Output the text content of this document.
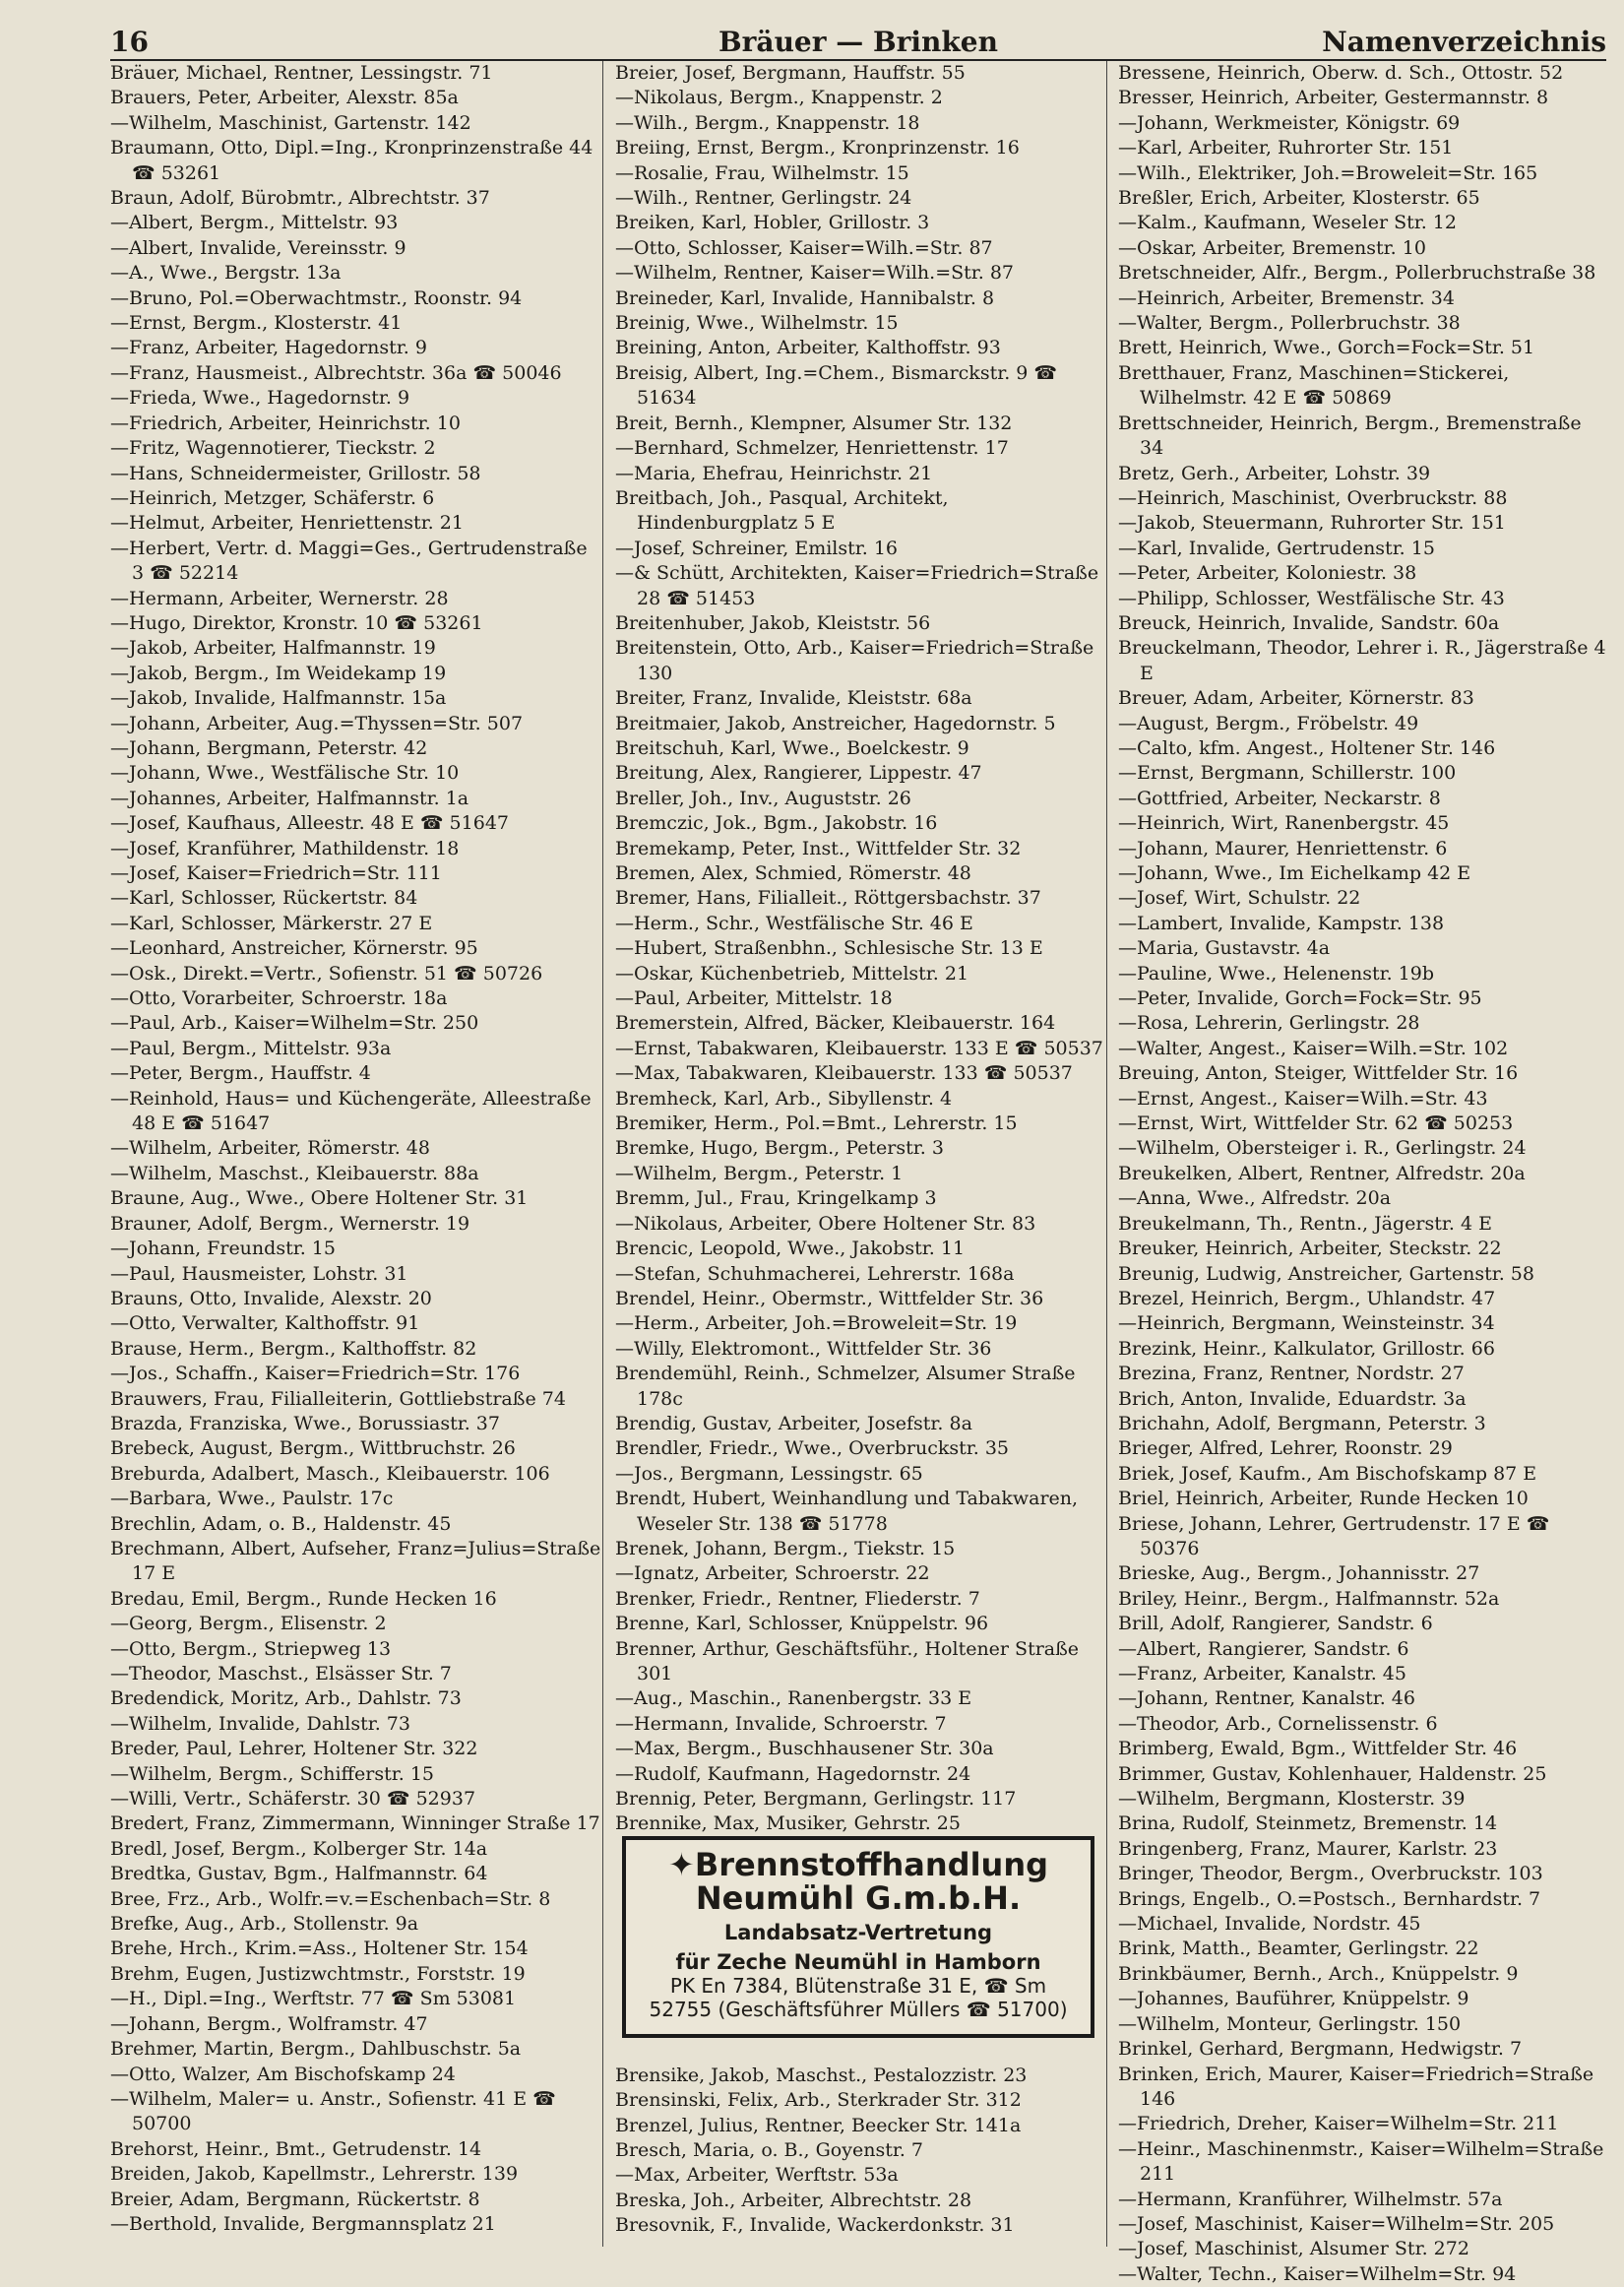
16	Bräuer — Brinken	Namenverzeichnis
Bräuer, Michael, Rentner, Lessingstr. 71
Brauers, Peter, Arbeiter, Alexstr. 85a
—Wilhelm, Maschinist, Gartenstr. 142
Braumann, Otto, Dipl.=Ing., Kronprinzenstraße 44 ☎ 53261
Braun, Adolf, Bürobmtr., Albrechtstr. 37
—Albert, Bergm., Mittelstr. 93
—Albert, Invalide, Vereinsstr. 9
—A., Wwe., Bergstr. 13a
—Bruno, Pol.=Oberwachtmstr., Roonstr. 94
—Ernst, Bergm., Klosterstr. 41
—Franz, Arbeiter, Hagedornstr. 9
—Franz, Hausmeist., Albrechtstr. 36a ☎ 50046
—Frieda, Wwe., Hagedornstr. 9
—Friedrich, Arbeiter, Heinrichstr. 10
—Fritz, Wagennotierer, Tieckstr. 2
—Hans, Schneidermeister, Grillostr. 58
—Heinrich, Metzger, Schäferstr. 6
—Helmut, Arbeiter, Henriettenstr. 21
—Herbert, Vertr. d. Maggi=Ges., Gertrudenstraße 3 ☎ 52214
—Hermann, Arbeiter, Wernerstr. 28
—Hugo, Direktor, Kronstr. 10 ☎ 53261
—Jakob, Arbeiter, Halfmannstr. 19
—Jakob, Bergm., Im Weidekamp 19
—Jakob, Invalide, Halfmannstr. 15a
—Johann, Arbeiter, Aug.=Thyssen=Str. 507
—Johann, Bergmann, Peterstr. 42
—Johann, Wwe., Westfälische Str. 10
—Johannes, Arbeiter, Halfmannstr. 1a
—Josef, Kaufhaus, Alleestr. 48 E ☎ 51647
—Josef, Kranführer, Mathildenstr. 18
—Josef, Kaiser=Friedrich=Str. 111
—Karl, Schlosser, Rückertstr. 84
—Karl, Schlosser, Märkerstr. 27 E
—Leonhard, Anstreicher, Körnerstr. 95
—Osk., Direkt.=Vertr., Sofienstr. 51 ☎ 50726
—Otto, Vorarbeiter, Schroerstr. 18a
—Paul, Arb., Kaiser=Wilhelm=Str. 250
—Paul, Bergm., Mittelstr. 93a
—Peter, Bergm., Hauffstr. 4
—Reinhold, Haus= und Küchengeräte, Alleestraße 48 E ☎ 51647
—Wilhelm, Arbeiter, Römerstr. 48
—Wilhelm, Maschst., Kleibauerstr. 88a
Braune, Aug., Wwe., Obere Holtener Str. 31
Brauner, Adolf, Bergm., Wernerstr. 19
—Johann, Freundstr. 15
—Paul, Hausmeister, Lohstr. 31
Brauns, Otto, Invalide, Alexstr. 20
—Otto, Verwalter, Kalthoffstr. 91
Brause, Herm., Bergm., Kalthoffstr. 82
—Jos., Schaffn., Kaiser=Friedrich=Str. 176
Brauwers, Frau, Filialleiterin, Gottliebstraße 74
Brazda, Franziska, Wwe., Borussiastr. 37
Brebeck, August, Bergm., Wittbruchstr. 26
Breburda, Adalbert, Masch., Kleibauerstr. 106
—Barbara, Wwe., Paulstr. 17c
Brechlin, Adam, o. B., Haldenstr. 45
Brechmann, Albert, Aufseher, Franz=Julius=Straße 17 E
Bredau, Emil, Bergm., Runde Hecken 16
—Georg, Bergm., Elisenstr. 2
—Otto, Bergm., Striepweg 13
—Theodor, Maschst., Elsässer Str. 7
Bredendick, Moritz, Arb., Dahlstr. 73
—Wilhelm, Invalide, Dahlstr. 73
Breder, Paul, Lehrer, Holtener Str. 322
—Wilhelm, Bergm., Schifferstr. 15
—Willi, Vertr., Schäferstr. 30 ☎ 52937
Bredert, Franz, Zimmermann, Winninger Straße 17
Bredl, Josef, Bergm., Kolberger Str. 14a
Bredtka, Gustav, Bgm., Halfmannstr. 64
Bree, Frz., Arb., Wolfr.=v.=Eschenbach=Str. 8
Brefke, Aug., Arb., Stollenstr. 9a
Brehe, Hrch., Krim.=Ass., Holtener Str. 154
Brehm, Eugen, Justizwchtmstr., Forststr. 19
—H., Dipl.=Ing., Werftstr. 77 ☎ Sm 53081
—Johann, Bergm., Wolframstr. 47
Brehmer, Martin, Bergm., Dahlbuschstr. 5a
—Otto, Walzer, Am Bischofskamp 24
—Wilhelm, Maler= u. Anstr., Sofienstr. 41 E ☎ 50700
Brehorst, Heinr., Bmt., Getrudenstr. 14
Breiden, Jakob, Kapellmstr., Lehrerstr. 139
Breier, Adam, Bergmann, Rückertstr. 8
—Berthold, Invalide, Bergmannsplatz 21
Breier, Josef, Bergmann, Hauffstr. 55
—Nikolaus, Bergm., Knappenstr. 2
—Wilh., Bergm., Knappenstr. 18
Breiing, Ernst, Bergm., Kronprinzenstr. 16
—Rosalie, Frau, Wilhelmstr. 15
—Wilh., Rentner, Gerlingstr. 24
Breiken, Karl, Hobler, Grillostr. 3
—Otto, Schlosser, Kaiser=Wilh.=Str. 87
—Wilhelm, Rentner, Kaiser=Wilh.=Str. 87
Breineder, Karl, Invalide, Hannibalstr. 8
Breinig, Wwe., Wilhelmstr. 15
Breining, Anton, Arbeiter, Kalthoffstr. 93
Breisig, Albert, Ing.=Chem., Bismarckstr. 9 ☎ 51634
Breit, Bernh., Klempner, Alsumer Str. 132
—Bernhard, Schmelzer, Henriettenstr. 17
—Maria, Ehefrau, Heinrichstr. 21
Breitbach, Joh., Pasqual, Architekt, Hindenburgplatz 5 E
—Josef, Schreiner, Emilstr. 16
—& Schütt, Architekten, Kaiser=Friedrich=Straße 28 ☎ 51453
Breitenhuber, Jakob, Kleiststr. 56
Breitenstein, Otto, Arb., Kaiser=Friedrich=Straße 130
Breiter, Franz, Invalide, Kleiststr. 68a
Breitmaier, Jakob, Anstreicher, Hagedornstr. 5
Breitschuh, Karl, Wwe., Boelckestr. 9
Breitung, Alex, Rangierer, Lippestr. 47
Breller, Joh., Inv., Auguststr. 26
Bremczic, Jok., Bgm., Jakobstr. 16
Bremekamp, Peter, Inst., Wittfelder Str. 32
Bremen, Alex, Schmied, Römerstr. 48
Bremer, Hans, Filialleit., Röttgersbachstr. 37
—Herm., Schr., Westfälische Str. 46 E
—Hubert, Straßenbhn., Schlesische Str. 13 E
—Oskar, Küchenbetrieb, Mittelstr. 21
—Paul, Arbeiter, Mittelstr. 18
Bremerstein, Alfred, Bäcker, Kleibauerstr. 164
—Ernst, Tabakwaren, Kleibauerstr. 133 E ☎ 50537
—Max, Tabakwaren, Kleibauerstr. 133 ☎ 50537
Bremheck, Karl, Arb., Sibyllenstr. 4
Bremiker, Herm., Pol.=Bmt., Lehrerstr. 15
Bremke, Hugo, Bergm., Peterstr. 3
—Wilhelm, Bergm., Peterstr. 1
Bremm, Jul., Frau, Kringelkamp 3
—Nikolaus, Arbeiter, Obere Holtener Str. 83
Brencic, Leopold, Wwe., Jakobstr. 11
—Stefan, Schuhmacherei, Lehrerstr. 168a
Brendel, Heinr., Obermstr., Wittfelder Str. 36
—Herm., Arbeiter, Joh.=Broweleit=Str. 19
—Willy, Elektromont., Wittfelder Str. 36
Brendemühl, Reinh., Schmelzer, Alsumer Straße 178c
Brendig, Gustav, Arbeiter, Josefstr. 8a
Brendler, Friedr., Wwe., Overbruckstr. 35
—Jos., Bergmann, Lessingstr. 65
Brendt, Hubert, Weinhandlung und Tabakwaren, Weseler Str. 138 ☎ 51778
Brenek, Johann, Bergm., Tiekstr. 15
—Ignatz, Arbeiter, Schroerstr. 22
Brenker, Friedr., Rentner, Fliederstr. 7
Brenne, Karl, Schlosser, Knüppelstr. 96
Brenner, Arthur, Geschäftsführ., Holtener Straße 301
—Aug., Maschin., Ranenbergstr. 33 E
—Hermann, Invalide, Schroerstr. 7
—Max, Bergm., Buschhausener Str. 30a
—Rudolf, Kaufmann, Hagedornstr. 24
Brennig, Peter, Bergmann, Gerlingstr. 117
Brennike, Max, Musiker, Gehrstr. 25
Brensike, Jakob, Maschst., Pestalozzistr. 23
Brensinski, Felix, Arb., Sterkrader Str. 312
Brenzel, Julius, Rentner, Beecker Str. 141a
Bresch, Maria, o. B., Goyenstr. 7
—Max, Arbeiter, Werftstr. 53a
Breska, Joh., Arbeiter, Albrechtstr. 28
Bresovnik, F., Invalide, Wackerdonkstr. 31
Bressene, Heinrich, Oberw. d. Sch., Ottostr. 52
Bresser, Heinrich, Arbeiter, Gestermannstr. 8
—Johann, Werkmeister, Königstr. 69
—Karl, Arbeiter, Ruhrorter Str. 151
—Wilh., Elektriker, Joh.=Broweleit=Str. 165
Breßler, Erich, Arbeiter, Klosterstr. 65
—Kalm., Kaufmann, Weseler Str. 12
—Oskar, Arbeiter, Bremenstr. 10
Bretschneider, Alfr., Bergm., Pollerbruchstraße 38
—Heinrich, Arbeiter, Bremenstr. 34
—Walter, Bergm., Pollerbruchstr. 38
Brett, Heinrich, Wwe., Gorch=Fock=Str. 51
Bretthauer, Franz, Maschinen=Stickerei, Wilhelmstr. 42 E ☎ 50869
Brettschneider, Heinrich, Bergm., Bremenstraße 34
Bretz, Gerh., Arbeiter, Lohstr. 39
—Heinrich, Maschinist, Overbruckstr. 88
—Jakob, Steuermann, Ruhrorter Str. 151
—Karl, Invalide, Gertrudenstr. 15
—Peter, Arbeiter, Koloniestr. 38
—Philipp, Schlosser, Westfälische Str. 43
Breuck, Heinrich, Invalide, Sandstr. 60a
Breuckelmann, Theodor, Lehrer i. R., Jägerstraße 4 E
Breuer, Adam, Arbeiter, Körnerstr. 83
—August, Bergm., Fröbelstr. 49
—Calto, kfm. Angest., Holtener Str. 146
—Ernst, Bergmann, Schillerstr. 100
—Gottfried, Arbeiter, Neckarstr. 8
—Heinrich, Wirt, Ranenbergstr. 45
—Johann, Maurer, Henriettenstr. 6
—Johann, Wwe., Im Eichelkamp 42 E
—Josef, Wirt, Schulstr. 22
—Lambert, Invalide, Kampstr. 138
—Maria, Gustavstr. 4a
—Pauline, Wwe., Helenenstr. 19b
—Peter, Invalide, Gorch=Fock=Str. 95
—Rosa, Lehrerin, Gerlingstr. 28
—Walter, Angest., Kaiser=Wilh.=Str. 102
Breuing, Anton, Steiger, Wittfelder Str. 16
—Ernst, Angest., Kaiser=Wilh.=Str. 43
—Ernst, Wirt, Wittfelder Str. 62 ☎ 50253
—Wilhelm, Obersteiger i. R., Gerlingstr. 24
Breukelken, Albert, Rentner, Alfredstr. 20a
—Anna, Wwe., Alfredstr. 20a
Breukelmann, Th., Rentn., Jägerstr. 4 E
Breuker, Heinrich, Arbeiter, Steckstr. 22
Breunig, Ludwig, Anstreicher, Gartenstr. 58
Brezel, Heinrich, Bergm., Uhlandstr. 47
—Heinrich, Bergmann, Weinsteinstr. 34
Brezink, Heinr., Kalkulator, Grillostr. 66
Brezina, Franz, Rentner, Nordstr. 27
Brich, Anton, Invalide, Eduardstr. 3a
Brichahn, Adolf, Bergmann, Peterstr. 3
Brieger, Alfred, Lehrer, Roonstr. 29
Briek, Josef, Kaufm., Am Bischofskamp 87 E
Briel, Heinrich, Arbeiter, Runde Hecken 10
Briese, Johann, Lehrer, Gertrudenstr. 17 E ☎ 50376
Brieske, Aug., Bergm., Johannisstr. 27
Briley, Heinr., Bergm., Halfmannstr. 52a
Brill, Adolf, Rangierer, Sandstr. 6
—Albert, Rangierer, Sandstr. 6
—Franz, Arbeiter, Kanalstr. 45
—Johann, Rentner, Kanalstr. 46
—Theodor, Arb., Cornelissenstr. 6
Brimberg, Ewald, Bgm., Wittfelder Str. 46
Brimmer, Gustav, Kohlenhauer, Haldenstr. 25
—Wilhelm, Bergmann, Klosterstr. 39
Brina, Rudolf, Steinmetz, Bremenstr. 14
Bringenberg, Franz, Maurer, Karlstr. 23
Bringer, Theodor, Bergm., Overbruckstr. 103
Brings, Engelb., O.=Postsch., Bernhardstr. 7
—Michael, Invalide, Nordstr. 45
Brink, Matth., Beamter, Gerlingstr. 22
Brinkbäumer, Bernh., Arch., Knüppelstr. 9
—Johannes, Bauführer, Knüppelstr. 9
—Wilhelm, Monteur, Gerlingstr. 150
Brinkel, Gerhard, Bergmann, Hedwigstr. 7
Brinken, Erich, Maurer, Kaiser=Friedrich=Straße 146
—Friedrich, Dreher, Kaiser=Wilhelm=Str. 211
—Heinr., Maschinenmstr., Kaiser=Wilhelm=Straße 211
—Hermann, Kranführer, Wilhelmstr. 57a
—Josef, Maschinist, Kaiser=Wilhelm=Str. 205
—Josef, Maschinist, Alsumer Str. 272
—Walter, Techn., Kaiser=Wilhelm=Str. 94
✦Brennstoffhandlung
Neumühl G.m.b.H.
Landabsatz-Vertretung
für Zeche Neumühl in Hamborn
PK En 7384, Blütenstraße 31 E, ☎ Sm
52755 (Geschäftsführer Müllers ☎ 51700)
